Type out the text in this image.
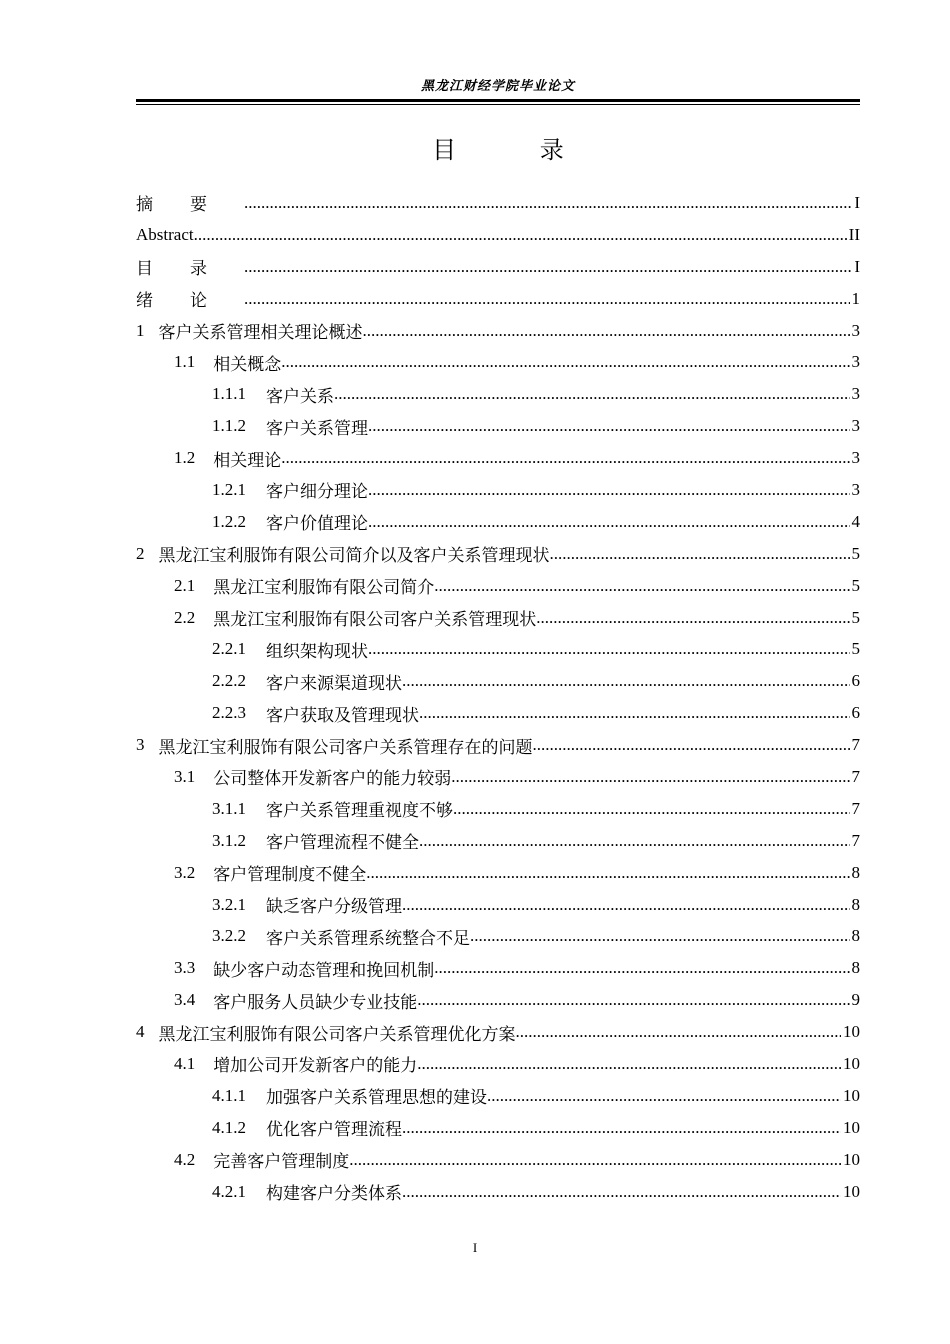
黑龙江财经学院毕业论文
目 录
摘要 .....	I
Abstract .....	II
目录 .....	I
绪论 .....	1
1 客户关系管理相关理论概述 .....	3
1.1 相关概念 .....	3
1.1.1 客户关系 .....	3
1.1.2 客户关系管理 .....	3
1.2 相关理论 .....	3
1.2.1 客户细分理论 .....	3
1.2.2 客户价值理论 .....	4
2 黑龙江宝利服饰有限公司简介以及客户关系管理现状 .....	5
2.1 黑龙江宝利服饰有限公司简介 .....	5
2.2 黑龙江宝利服饰有限公司客户关系管理现状 .....	5
2.2.1 组织架构现状 .....	5
2.2.2 客户来源渠道现状 .....	6
2.2.3 客户获取及管理现状 .....	6
3 黑龙江宝利服饰有限公司客户关系管理存在的问题 .....	7
3.1 公司整体开发新客户的能力较弱 .....	7
3.1.1 客户关系管理重视度不够 .....	7
3.1.2 客户管理流程不健全 .....	7
3.2 客户管理制度不健全 .....	8
3.2.1 缺乏客户分级管理 .....	8
3.2.2 客户关系管理系统整合不足 .....	8
3.3 缺少客户动态管理和挽回机制 .....	8
3.4 客户服务人员缺少专业技能 .....	9
4 黑龙江宝利服饰有限公司客户关系管理优化方案 .....	10
4.1 增加公司开发新客户的能力 .....	10
4.1.1 加强客户关系管理思想的建设 .....	10
4.1.2 优化客户管理流程 .....	10
4.2 完善客户管理制度 .....	10
4.2.1 构建客户分类体系 .....	10
I
